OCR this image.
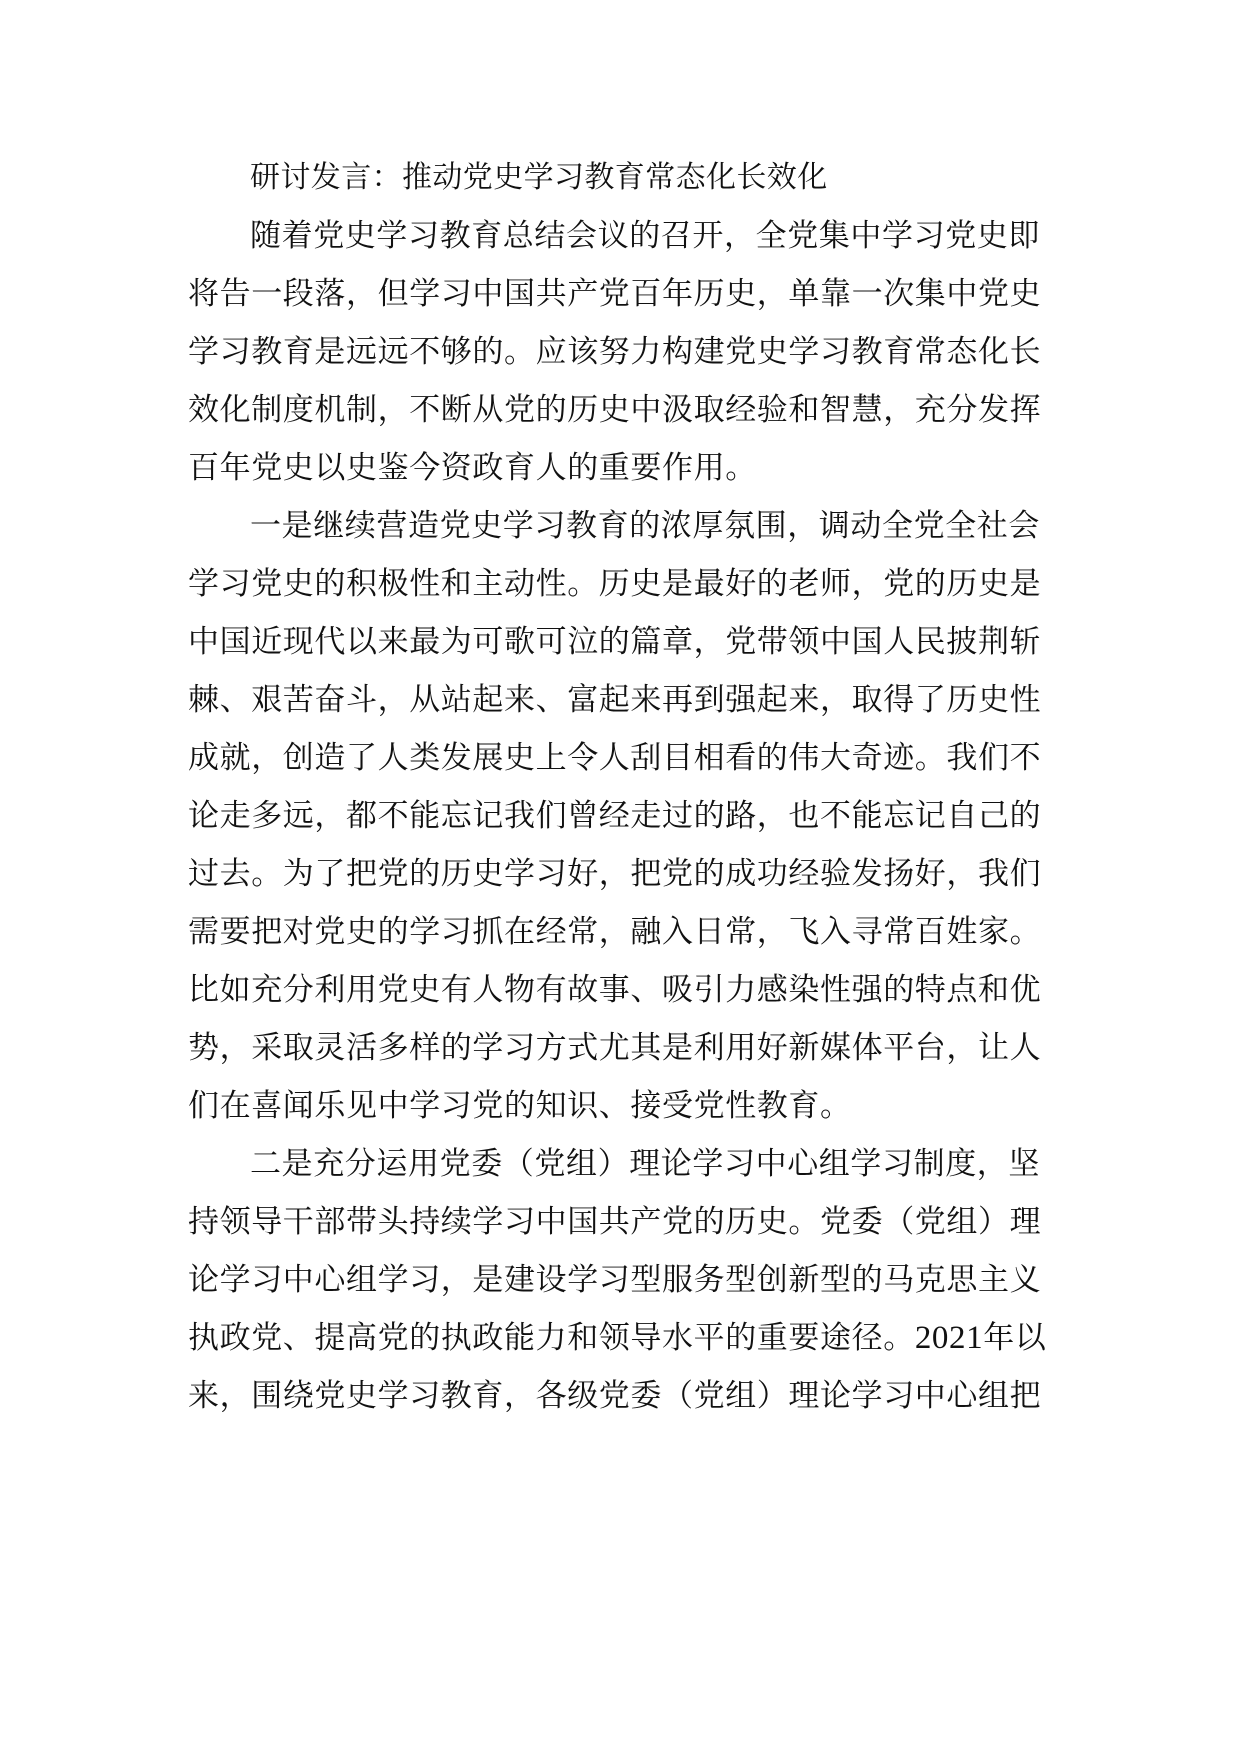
研讨发言：推动党史学习教育常态化长效化
随着党史学习教育总结会议的召开，全党集中学习党史即
将告一段落，但学习中国共产党百年历史，单靠一次集中党史
学习教育是远远不够的。应该努力构建党史学习教育常态化长
效化制度机制，不断从党的历史中汲取经验和智慧，充分发挥
百年党史以史鉴今资政育人的重要作用。
一是继续营造党史学习教育的浓厚氛围，调动全党全社会
学习党史的积极性和主动性。历史是最好的老师，党的历史是
中国近现代以来最为可歌可泣的篇章，党带领中国人民披荆斩
棘、艰苦奋斗，从站起来、富起来再到强起来，取得了历史性
成就，创造了人类发展史上令人刮目相看的伟大奇迹。我们不
论走多远，都不能忘记我们曾经走过的路，也不能忘记自己的
过去。为了把党的历史学习好，把党的成功经验发扬好，我们
需要把对党史的学习抓在经常，融入日常，飞入寻常百姓家。
比如充分利用党史有人物有故事、吸引力感染性强的特点和优
势，采取灵活多样的学习方式尤其是利用好新媒体平台，让人
们在喜闻乐见中学习党的知识、接受党性教育。
二是充分运用党委（党组）理论学习中心组学习制度，坚
持领导干部带头持续学习中国共产党的历史。党委（党组）理
论学习中心组学习，是建设学习型服务型创新型的马克思主义
执政党、提高党的执政能力和领导水平的重要途径。2021年以
来，围绕党史学习教育，各级党委（党组）理论学习中心组把
